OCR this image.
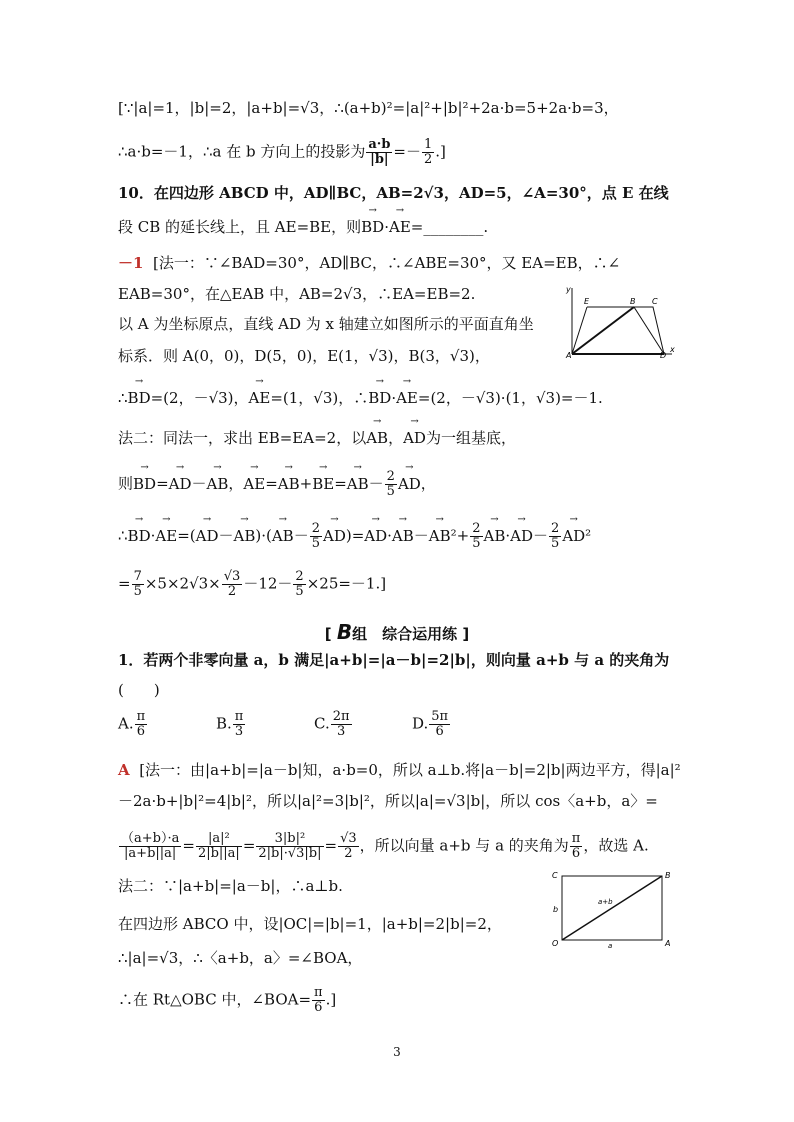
[∵|a|=1，|b|=2，|a+b|=√3，∴(a+b)²=|a|²+|b|²+2a·b=5+2a·b=3，
∴a·b=－1，∴a 在 b 方向上的投影为 $\frac{a\cdot b}{|b|} =- \frac{1}{2}$ .]
10．在四边形 ABCD 中，AD∥BC，AB=2√3，AD=5，∠A=30°，点 E 在线
段 CB 的延长线上，且 AE=BE，则→ BD·→ AE=________.
－1 [法一：∵∠BAD=30°，AD∥BC，∴∠ABE=30°，又 EA=EB，∴∠
EAB=30°，在△EAB 中，AB=2√3，∴EA=EB=2.
以 A 为坐标原点，直线 AD 为 x 轴建立如图所示的平面直角坐
标系．则 A(0，0)，D(5，0)，E(1，√3)，B(3，√3)，
y
E	B C
A	D
x
∴→ BD=(2，－√3)，→ AE=(1，√3)，∴→ BD·→ AE=(2，－√3)·(1，√3)=－1.
法二：同法一，求出 EB=EA=2，以→ AB，→ AD为一组基底，
则→ BD=→ AD－→ AB，→ $AE=\to AB+\to BE=\to AB- \frac{2}{5}$
→ AD，
∴→ $BD\cdot\to AE=(\to AD-\to AB)\cdot(\to AB- \frac{2}{5}$
→ $AD)=\to AD\cdot\to AB-\to AB^2+ \frac{2}{5}$
→ $AB\cdot\to AD- \frac{2}{5}$
→ AD²
= $\frac{7}{5} \times 5\times 2√3\times \frac{√3}{2} -12- \frac{2}{5} \times 25=-1$.]
[ B组　综合运用练 ]
1．若两个非零向量 a，b 满足|a+b|=|a－b|=2|b|，则向量 a+b 与 a 的夹角为
(　　)
A. $\frac{\pi}{6}$	B. $\frac{\pi}{3}$	C. $\frac{2\pi}{3}$	D. $\frac{5\pi}{6}$
A [法一：由|a+b|=|a－b|知，a·b=0，所以 a⊥b.将|a－b|=2|b|两边平方，得|a|²
－2a·b+|b|²=4|b|²，所以|a|²=3|b|²，所以|a|=√3|b|，所以 cos〈a+b，a〉=
$\frac{(a+b)\cdot a}{|a+b||a|} = \frac{\text{|a|²}}{2|b||a|} = \frac{\text{3|b|²}}{2|b|\cdot√3|b|} = \frac{√3}{2}$ ，所以向量 a+b 与 a 的夹角为 $\frac{\pi}{6}$ ，故选 A.
法二：∵|a+b|=|a－b|，∴a⊥b.
在四边形 ABCO 中，设|OC|=|b|=1，|a+b|=2|b|=2，
∴|a|=√3，∴〈a+b，a〉=∠BOA，
∴在 Rt△OBC 中，∠BOA= $\frac{\pi}{6}$ .]
C	B
O	A
b
a
a+b
3
